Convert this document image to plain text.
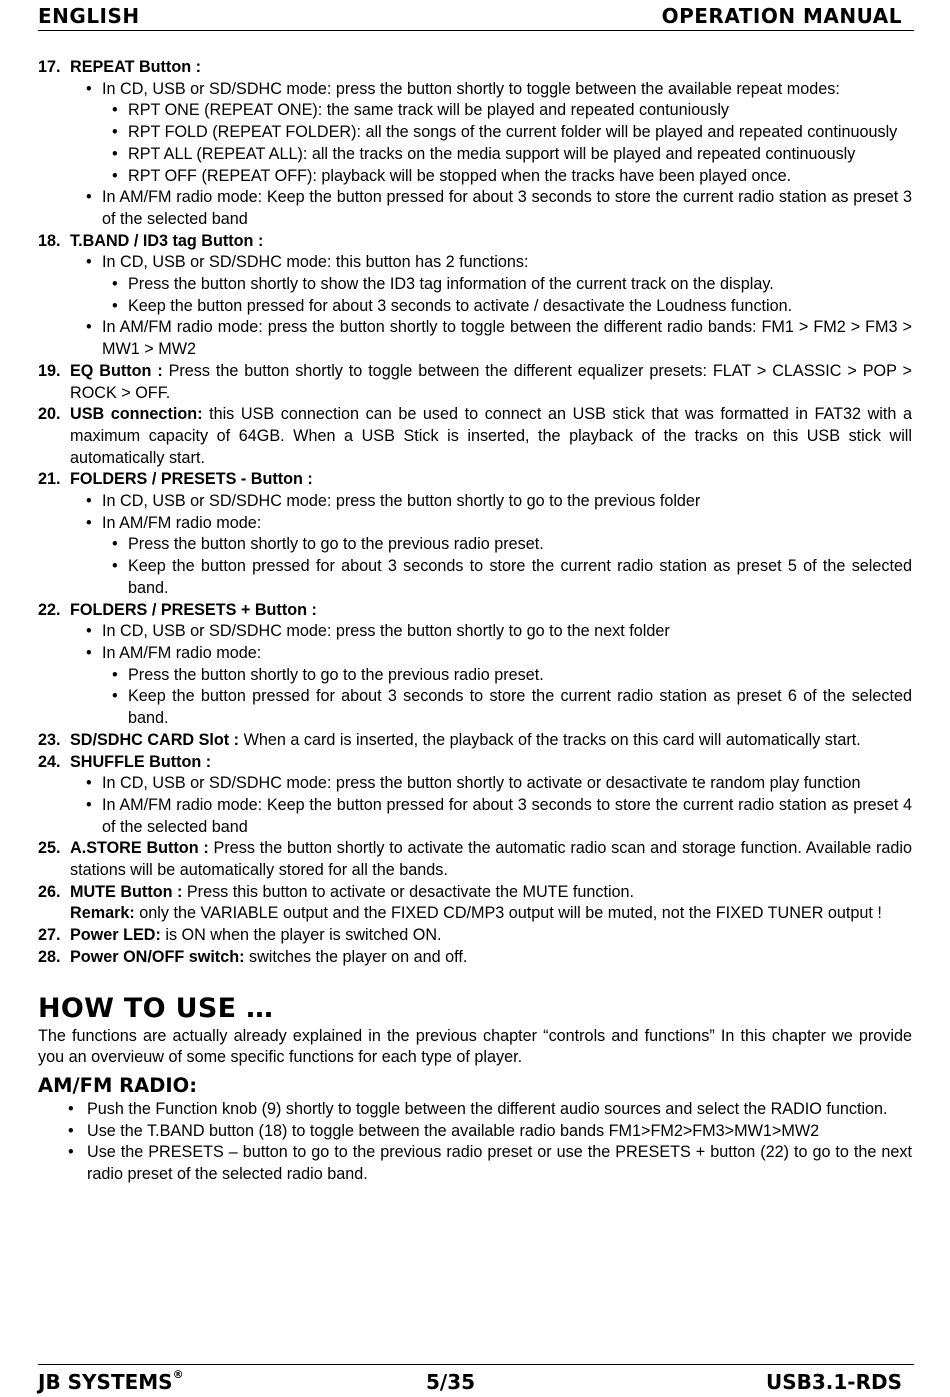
ENGLISH	OPERATION MANUAL
17. REPEAT Button :
• In CD, USB or SD/SDHC mode: press the button shortly to toggle between the available repeat modes:
• RPT ONE (REPEAT ONE): the same track will be played and repeated contuniously
• RPT FOLD (REPEAT FOLDER): all the songs of the current folder will be played and repeated continuously
• RPT ALL (REPEAT ALL): all the tracks on the media support will be played and repeated continuously
• RPT OFF (REPEAT OFF): playback will be stopped when the tracks have been played once.
• In AM/FM radio mode: Keep the button pressed for about 3 seconds to store the current radio station as preset 3 of the selected band
18. T.BAND / ID3 tag Button :
• In CD, USB or SD/SDHC mode: this button has 2 functions:
• Press the button shortly to show the ID3 tag information of the current track on the display.
• Keep the button pressed for about 3 seconds to activate / desactivate the Loudness function.
• In AM/FM radio mode: press the button shortly to toggle between the different radio bands: FM1 > FM2 > FM3 > MW1 > MW2
19. EQ Button : Press the button shortly to toggle between the different equalizer presets: FLAT > CLASSIC > POP > ROCK > OFF.
20. USB connection: this USB connection can be used to connect an USB stick that was formatted in FAT32 with a maximum capacity of 64GB. When a USB Stick is inserted, the playback of the tracks on this USB stick will automatically start.
21. FOLDERS / PRESETS - Button :
• In CD, USB or SD/SDHC mode: press the button shortly to go to the previous folder
• In AM/FM radio mode:
• Press the button shortly to go to the previous radio preset.
• Keep the button pressed for about 3 seconds to store the current radio station as preset 5 of the selected band.
22. FOLDERS / PRESETS + Button :
• In CD, USB or SD/SDHC mode: press the button shortly to go to the next folder
• In AM/FM radio mode:
• Press the button shortly to go to the previous radio preset.
• Keep the button pressed for about 3 seconds to store the current radio station as preset 6 of the selected band.
23. SD/SDHC CARD Slot : When a card is inserted, the playback of the tracks on this card will automatically start.
24. SHUFFLE Button :
• In CD, USB or SD/SDHC mode: press the button shortly to activate or desactivate te random play function
• In AM/FM radio mode: Keep the button pressed for about 3 seconds to store the current radio station as preset 4 of the selected band
25. A.STORE Button : Press the button shortly to activate the automatic radio scan and storage function. Available radio stations will be automatically stored for all the bands.
26. MUTE Button : Press this button to activate or desactivate the MUTE function.
Remark: only the VARIABLE output and the FIXED CD/MP3 output will be muted, not the FIXED TUNER output !
27. Power LED: is ON when the player is switched ON.
28. Power ON/OFF switch: switches the player on and off.
HOW TO USE …
The functions are actually already explained in the previous chapter “controls and functions” In this chapter we provide you an overvieuw of some specific functions for each type of player.
AM/FM RADIO:
• Push the Function knob (9) shortly to toggle between the different audio sources and select the RADIO function.
• Use the T.BAND button (18) to toggle between the available radio bands FM1>FM2>FM3>MW1>MW2
• Use the PRESETS – button to go to the previous radio preset or use the PRESETS + button (22) to go to the next radio preset of the selected radio band.
JB SYSTEMS®	5/35	USB3.1-RDS
